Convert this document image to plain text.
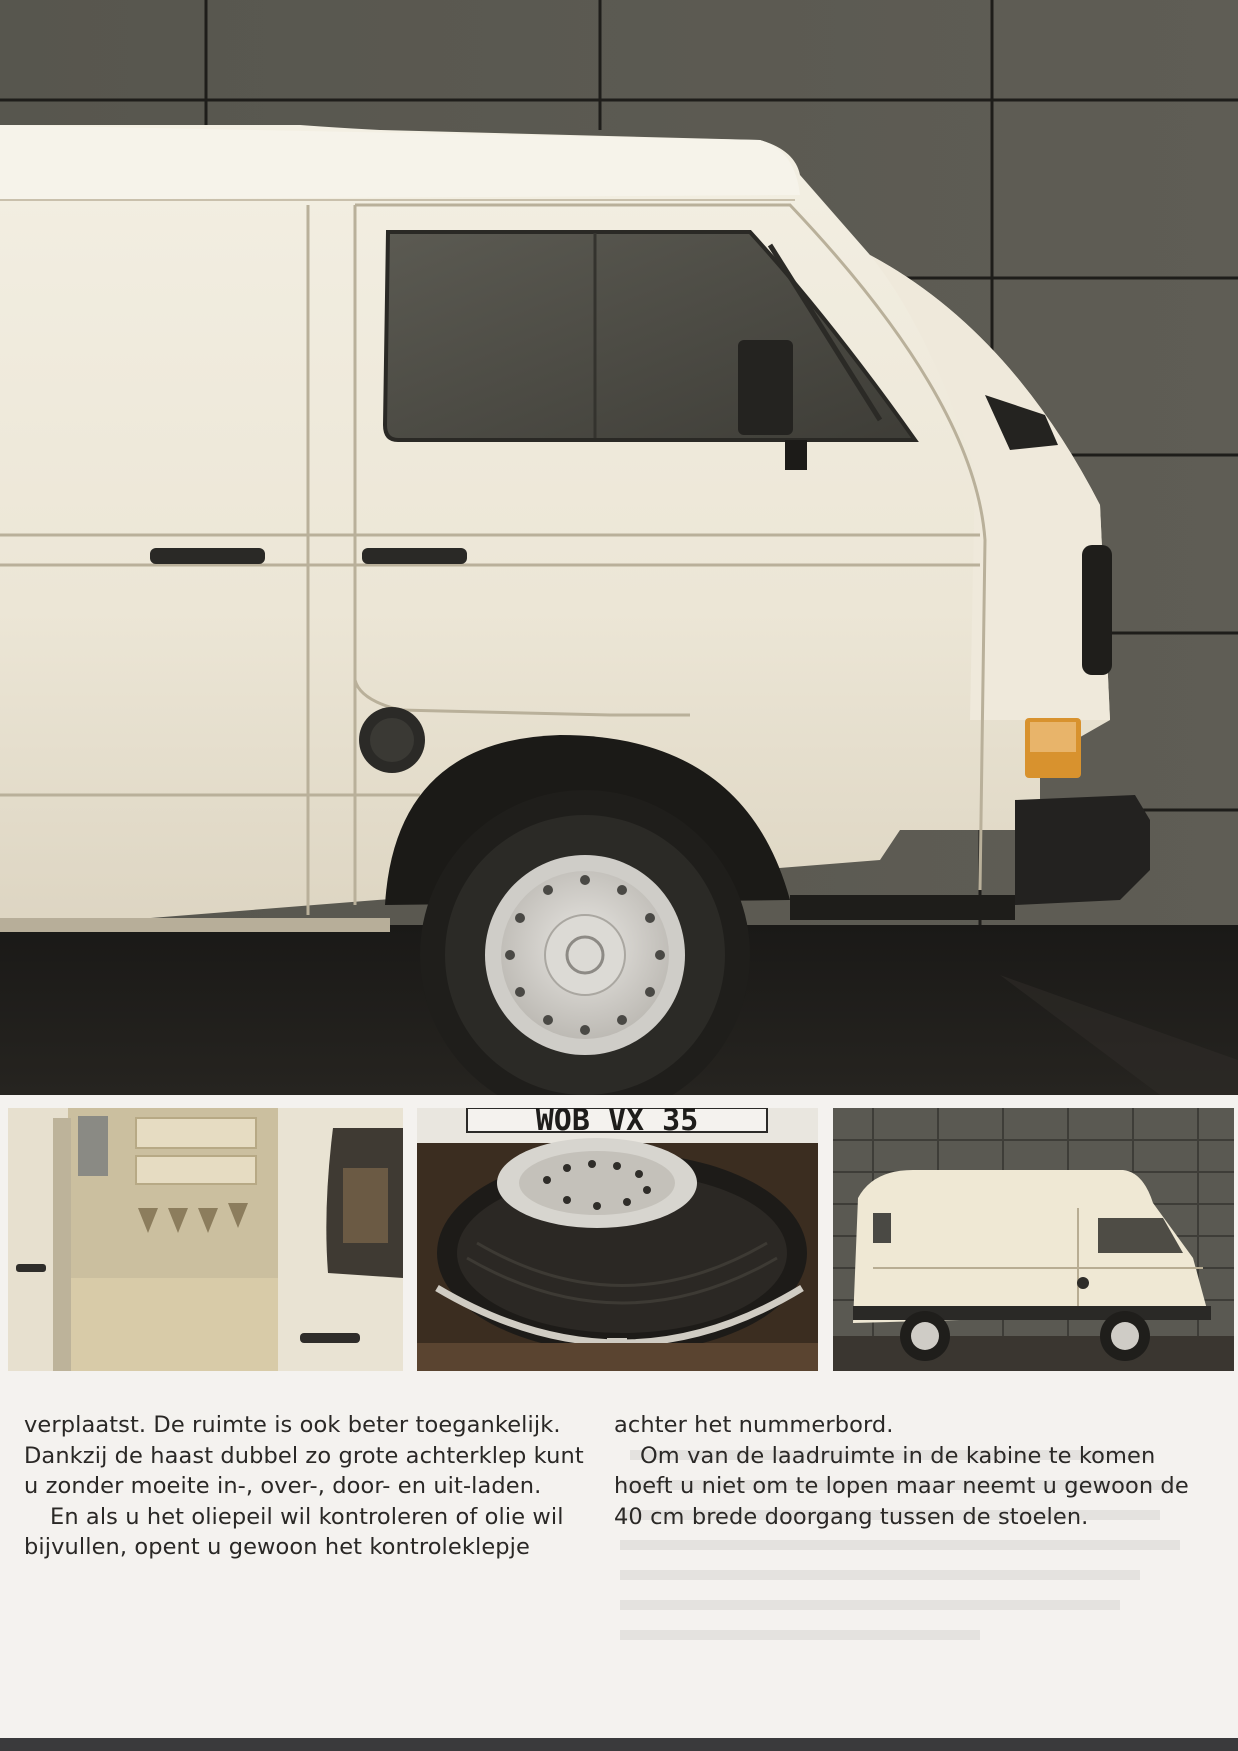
WOB VX 35

verplaatst. De ruimte is ook beter toegankelijk. Dankzij de haast dubbel zo grote achterklep kunt u zonder moeite in-, over-, door- en uit-laden.

En als u het oliepeil wil kontroleren of olie wil bijvullen, opent u gewoon het kontroleklepje

achter het nummerbord.

Om van de laadruimte in de kabine te komen hoeft u niet om te lopen maar neemt u gewoon de 40 cm brede doorgang tussen de stoelen.
